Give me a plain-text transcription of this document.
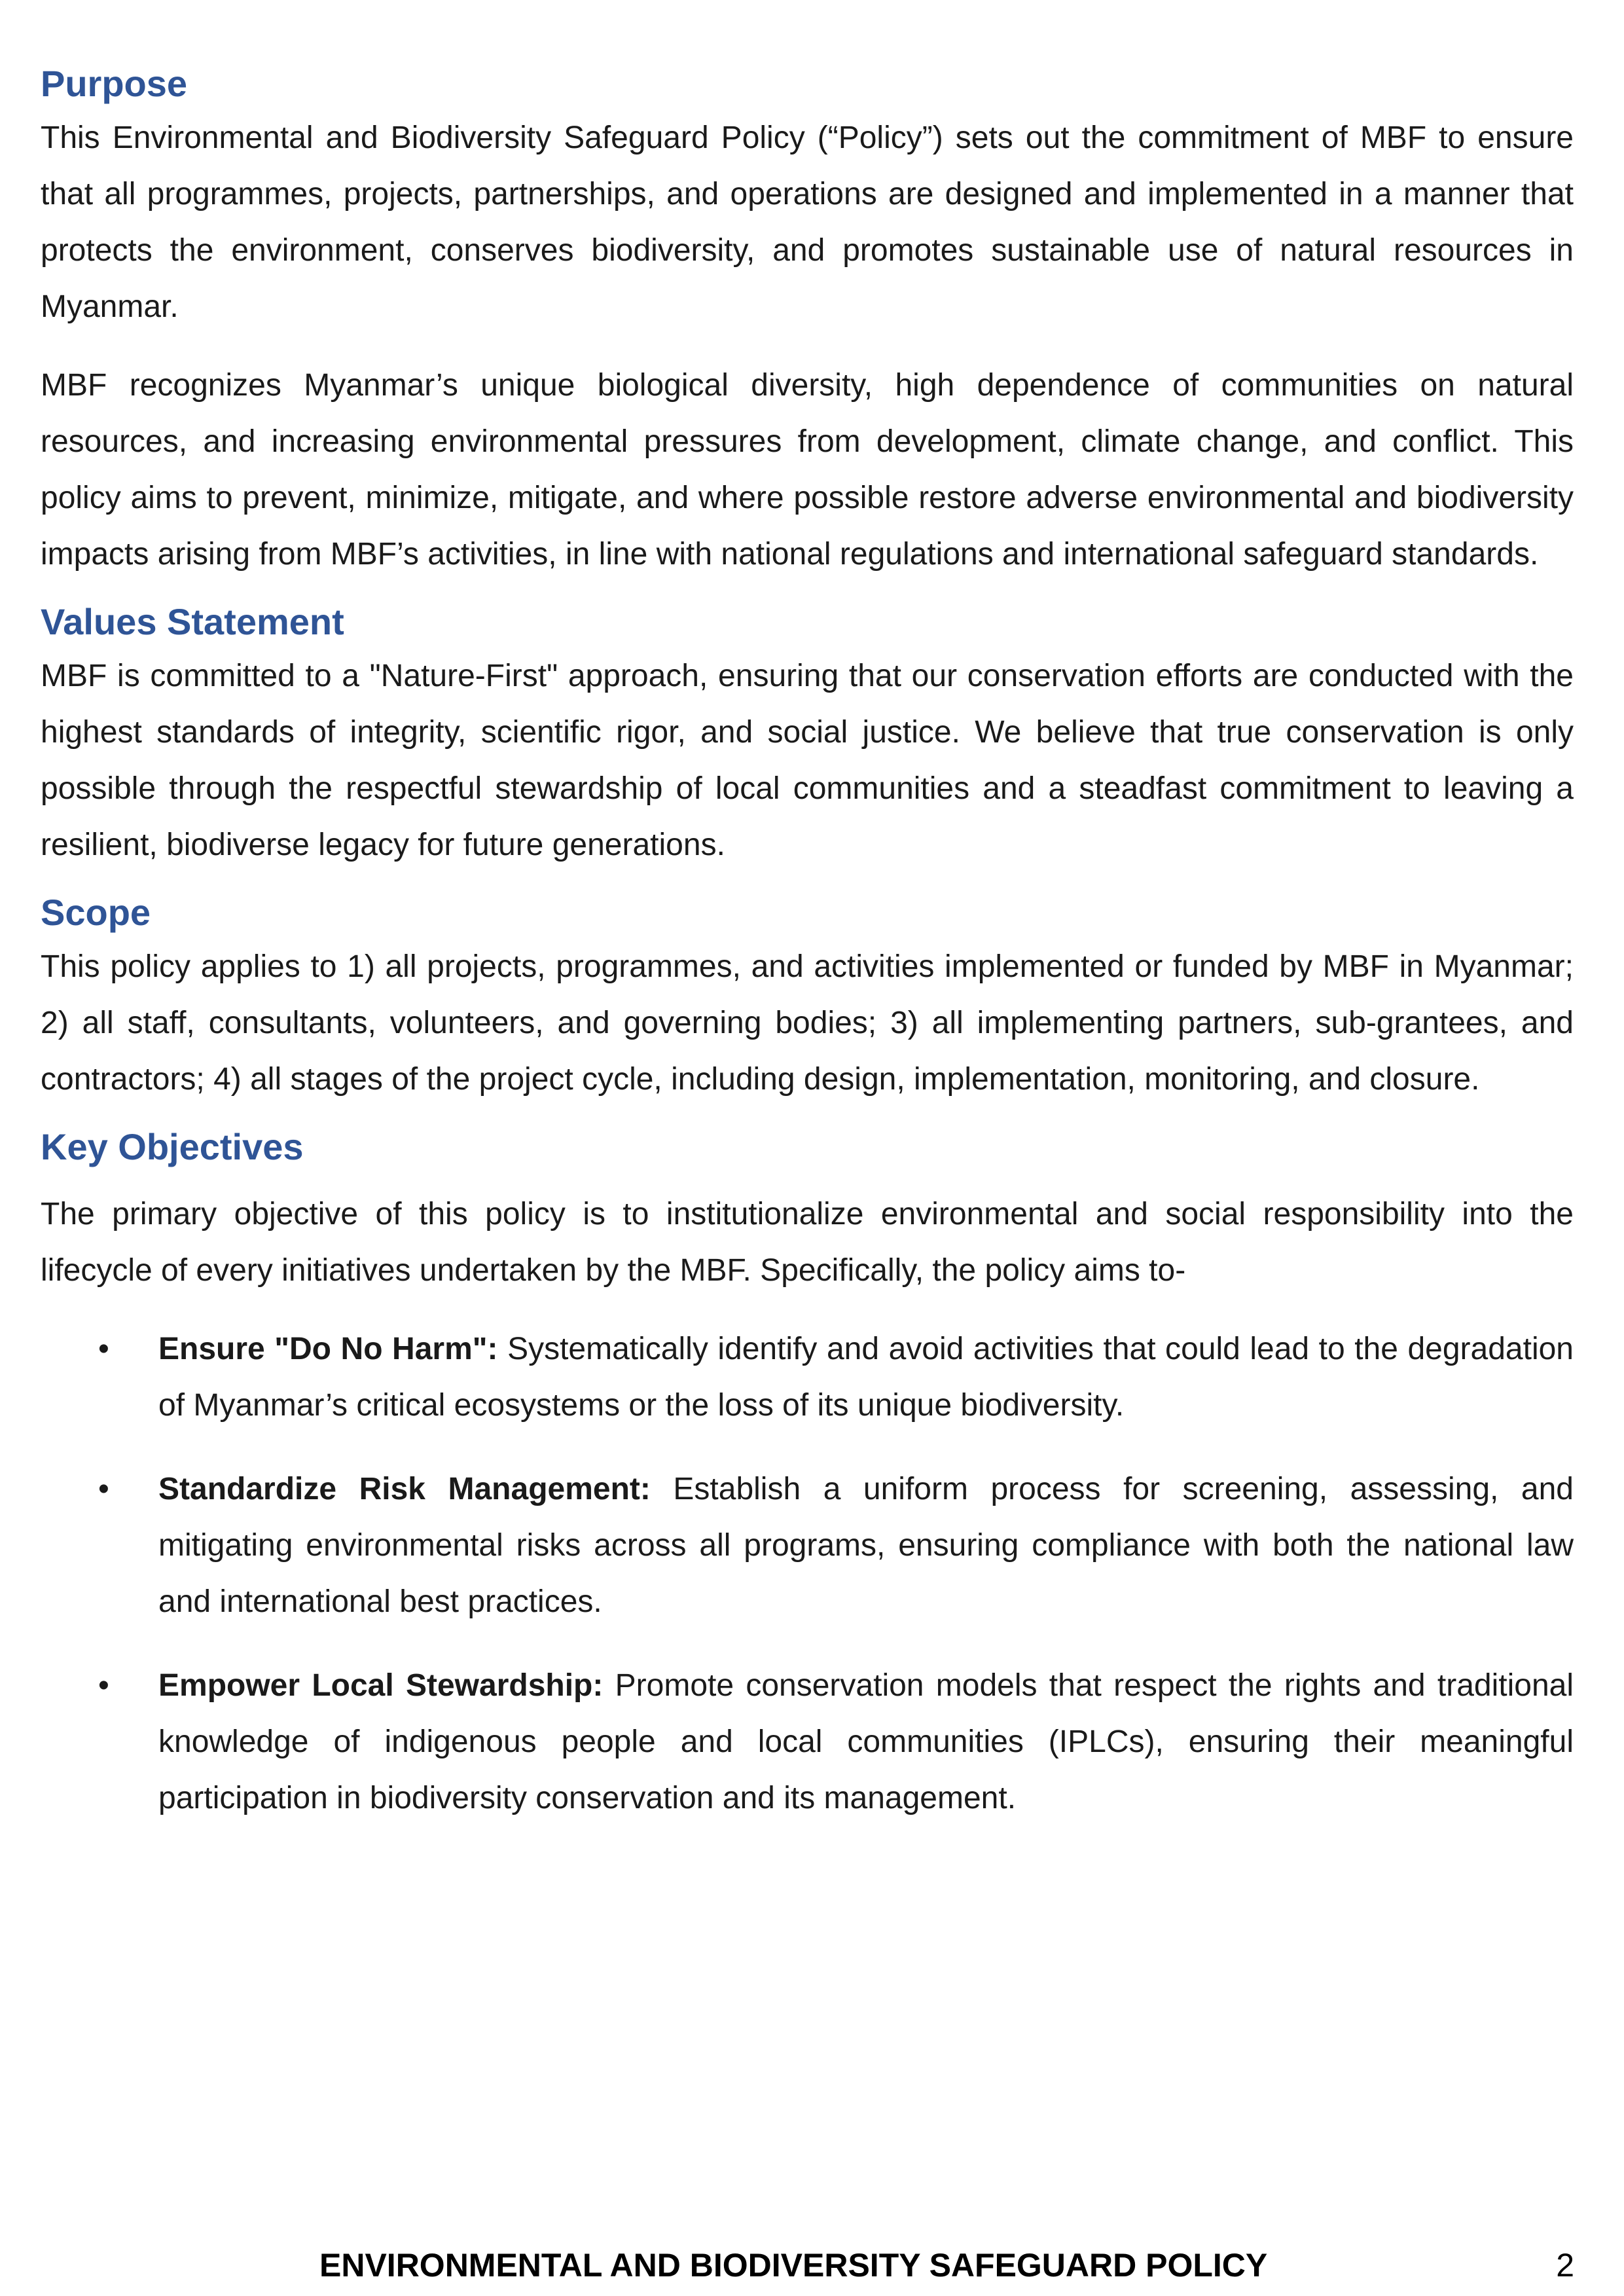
Purpose

This Environmental and Biodiversity Safeguard Policy (“Policy”) sets out the commitment of MBF to ensure that all programmes, projects, partnerships, and operations are designed and implemented in a manner that protects the environment, conserves biodiversity, and promotes sustainable use of natural resources in Myanmar.

MBF recognizes Myanmar’s unique biological diversity, high dependence of communities on natural resources, and increasing environmental pressures from development, climate change, and conflict. This policy aims to prevent, minimize, mitigate, and where possible restore adverse environmental and biodiversity impacts arising from MBF’s activities, in line with national regulations and international safeguard standards.

Values Statement

MBF is committed to a "Nature-First" approach, ensuring that our conservation efforts are conducted with the highest standards of integrity, scientific rigor, and social justice. We believe that true conservation is only possible through the respectful stewardship of local communities and a steadfast commitment to leaving a resilient, biodiverse legacy for future generations.

Scope

This policy applies to 1) all projects, programmes, and activities implemented or funded by MBF in Myanmar; 2) all staff, consultants, volunteers, and governing bodies; 3) all implementing partners, sub-grantees, and contractors; 4) all stages of the project cycle, including design, implementation, monitoring, and closure.

Key Objectives

The primary objective of this policy is to institutionalize environmental and social responsibility into the lifecycle of every initiatives undertaken by the MBF. Specifically, the policy aims to-

• Ensure "Do No Harm": Systematically identify and avoid activities that could lead to the degradation of Myanmar’s critical ecosystems or the loss of its unique biodiversity.

• Standardize Risk Management: Establish a uniform process for screening, assessing, and mitigating environmental risks across all programs, ensuring compliance with both the national law and international best practices.

• Empower Local Stewardship: Promote conservation models that respect the rights and traditional knowledge of indigenous people and local communities (IPLCs), ensuring their meaningful participation in biodiversity conservation and its management.

ENVIRONMENTAL AND BIODIVERSITY SAFEGUARD POLICY	2
